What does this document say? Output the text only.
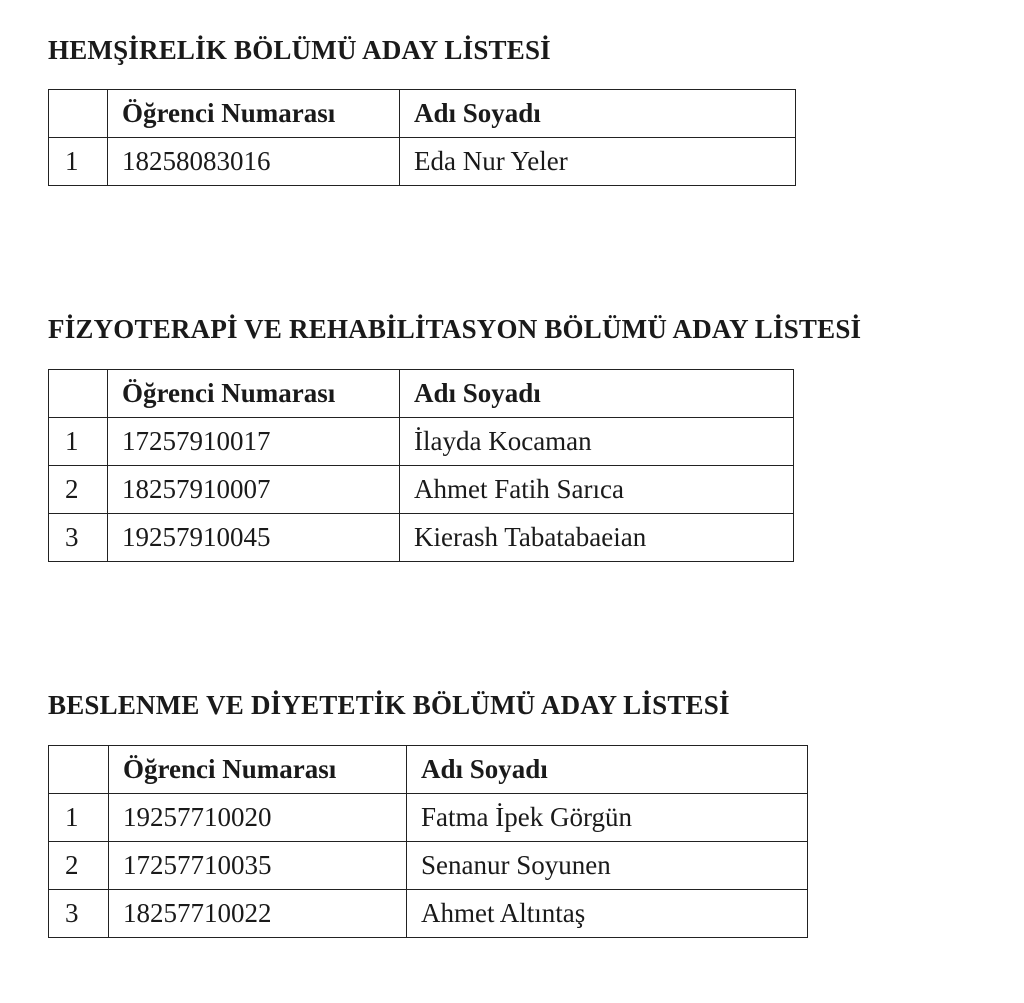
HEMŞİRELİK BÖLÜMÜ ADAY LİSTESİ
	Öğrenci Numarası	Adı Soyadı
1	18258083016	Eda Nur Yeler
FİZYOTERAPİ VE REHABİLİTASYON BÖLÜMÜ ADAY LİSTESİ
	Öğrenci Numarası	Adı Soyadı
1	17257910017	İlayda Kocaman
2	18257910007	Ahmet Fatih Sarıca
3	19257910045	Kierash Tabatabaeian
BESLENME VE DİYETETİK BÖLÜMÜ ADAY LİSTESİ
	Öğrenci Numarası	Adı Soyadı
1	19257710020	Fatma İpek Görgün
2	17257710035	Senanur Soyunen
3	18257710022	Ahmet Altıntaş
